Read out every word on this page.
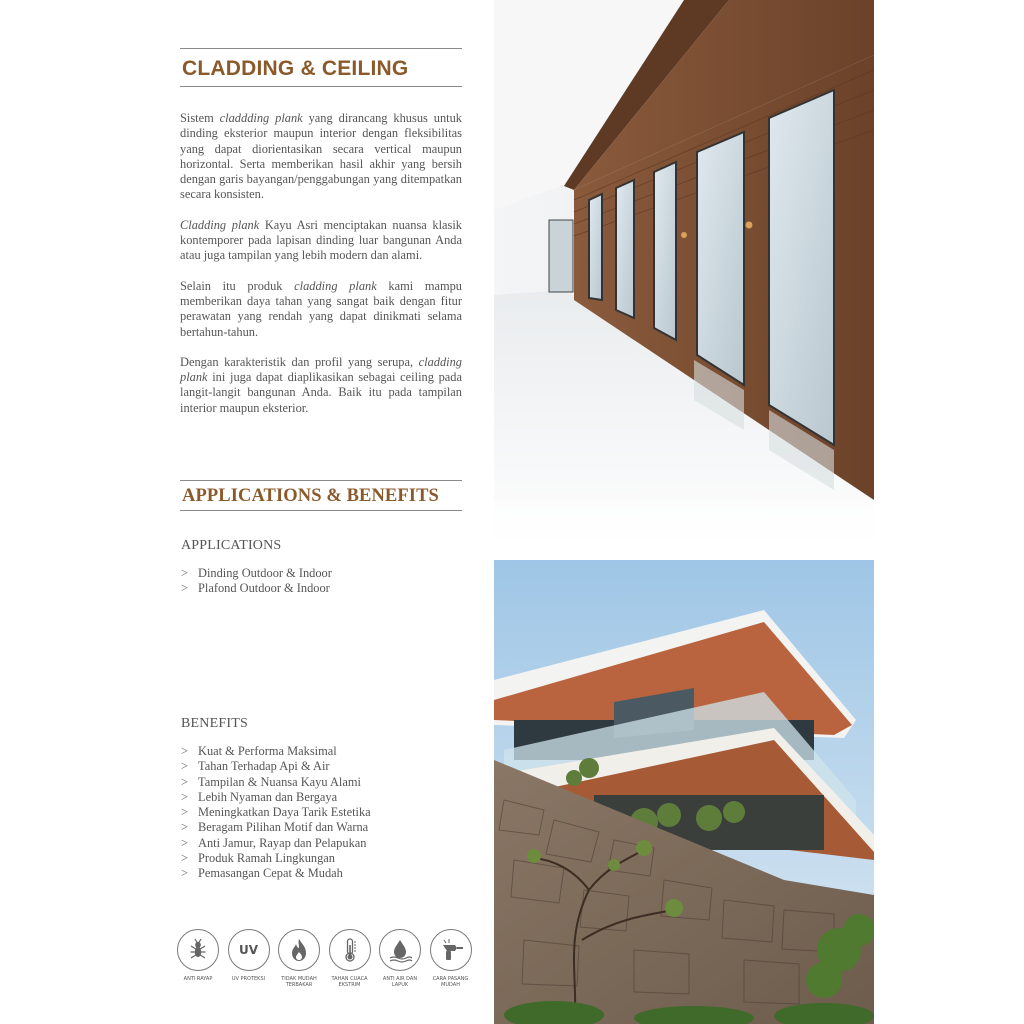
CLADDING & CEILING

Sistem claddding plank yang dirancang khusus untuk dinding eksterior maupun interior dengan fleksibilitas yang dapat diorientasikan secara vertical maupun horizontal. Serta memberikan hasil akhir yang bersih dengan garis bayangan/penggabungan yang ditempatkan secara konsisten.

Cladding plank Kayu Asri menciptakan nuansa klasik kontemporer pada lapisan dinding luar bangunan Anda atau juga tampilan yang lebih modern dan alami.

Selain itu produk cladding plank kami mampu memberikan daya tahan yang sangat baik dengan fitur perawatan yang rendah yang dapat dinikmati selama bertahun-tahun.

Dengan karakteristik dan profil yang serupa, cladding plank ini juga dapat diaplikasikan sebagai ceiling pada langit-langit bangunan Anda. Baik itu pada tampilan interior maupun eksterior.

APPLICATIONS & BENEFITS
APPLICATIONS
> Dinding Outdoor & Indoor
> Plafond Outdoor & Indoor
BENEFITS
> Kuat & Performa Maksimal
> Tahan Terhadap Api & Air
> Tampilan & Nuansa Kayu Alami
> Lebih Nyaman dan Bergaya
> Meningkatkan Daya Tarik Estetika
> Beragam Pilihan Motif dan Warna
> Anti Jamur, Rayap dan Pelapukan
> Produk Ramah Lingkungan
> Pemasangan Cepat & Mudah
ANTI RAYAP
UV
UV PROTEKSI	TIDAK MUDAH
TERBAKAR
TAHAN CUACA
EKSTRIM
ANTI AIR DAN
LAPUK
CARA PASANG
MUDAH
